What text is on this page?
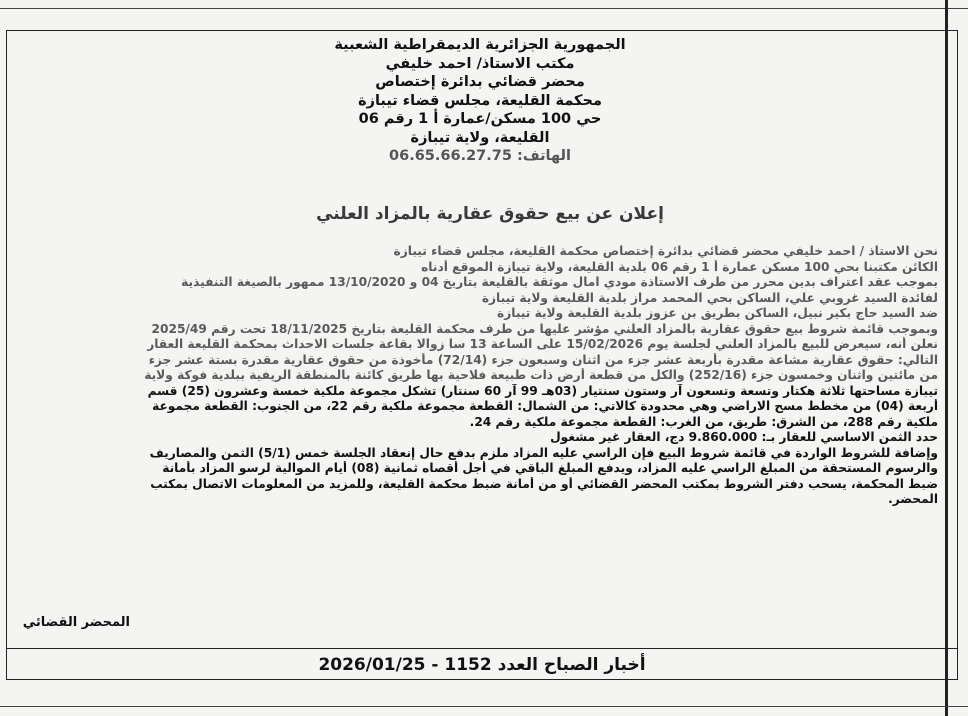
الجمهورية الجزائرية الديمقراطية الشعبية
مكتب الاستاذ/ احمد خليفي
محضر قضائي بدائرة إختصاص
محكمة القليعة، مجلس قضاء تيبازة
حي 100 مسكن/عمارة أ 1 رقم 06
القليعة، ولاية تيبازة
الهاتف: 06.65.66.27.75
إعلان عن بيع حقوق عقارية بالمزاد العلني

نحن الاستاذ / احمد خليفي محضر قضائي بدائرة إختصاص محكمة القليعة، مجلس قضاء تيبازة

الكائن مكتبنا بحي 100 مسكن عمارة أ 1 رقم 06 بلدية القليعة، ولاية تيبازة الموقع أدناه

بموجب عقد اعتراف بدين محرر من طرف الاستاذة مودي امال موثقة بالقليعة بتاريخ 04 و 13/10/2020 ممهور بالصيغة التنفيذية

لفائدة السيد غروبي علي، الساكن بحي المحمد مراز بلدية القليعة ولاية تيبازة

ضد السيد حاج بكير نبيل، الساكن بطريق بن عزوز بلدية القليعة ولاية تيبازة

وبموجب قائمة شروط بيع حقوق عقارية بالمزاد العلني مؤشر عليها من طرف محكمة القليعة بتاريخ 18/11/2025 تحت رقم 2025/49

نعلن أنه، سيعرض للبيع بالمزاد العلني لجلسة يوم 15/02/2026 على الساعة 13 سا زوالا بقاعة جلسات الاحداث بمحكمة القليعة العقار

التالي: حقوق عقارية مشاعة مقدرة بأربعة عشر جزء من اثنان وسبعون جزء (72/14) مأخوذة من حقوق عقارية مقدرة بستة عشر جزء

من مائتين واثنان وخمسون جزء (252/16) والكل من قطعة أرض ذات طبيعة فلاحية بها طريق كائنة بالمنطقة الريفية ببلدية فوكة ولاية

تيبازة مساحتها ثلاثة هكتار وتسعة وتسعون آر وستون سنتيار (03هـ 99 آر 60 سنتار) تشكل مجموعة ملكية خمسة وعشرون (25) قسم

أربعة (04) من مخطط مسح الاراضي وهي محدودة كالاتي: من الشمال: القطعة مجموعة ملكية رقم 22، من الجنوب: القطعة مجموعة

ملكية رقم 288، من الشرق: طريق، من الغرب: القطعة مجموعة ملكية رقم 24.

حدد الثمن الاساسي للعقار بـ: 9.860.000 دج، العقار غير مشغول

وإضافة للشروط الواردة في قائمة شروط البيع فإن الراسي عليه المزاد ملزم بدفع حال إنعقاد الجلسة خمس (5/1) الثمن والمصاريف

والرسوم المستحقة من المبلغ الراسي عليه المزاد، ويدفع المبلغ الباقي في أجل أقصاه ثمانية (08) أيام الموالية لرسو المزاد بأمانة

ضبط المحكمة، يسحب دفتر الشروط بمكتب المحضر القضائي أو من أمانة ضبط محكمة القليعة، وللمزيد من المعلومات الاتصال بمكتب

المحضر.

المحضر القضائي
أخبار الصباح العدد 1152 - 2026/01/25
